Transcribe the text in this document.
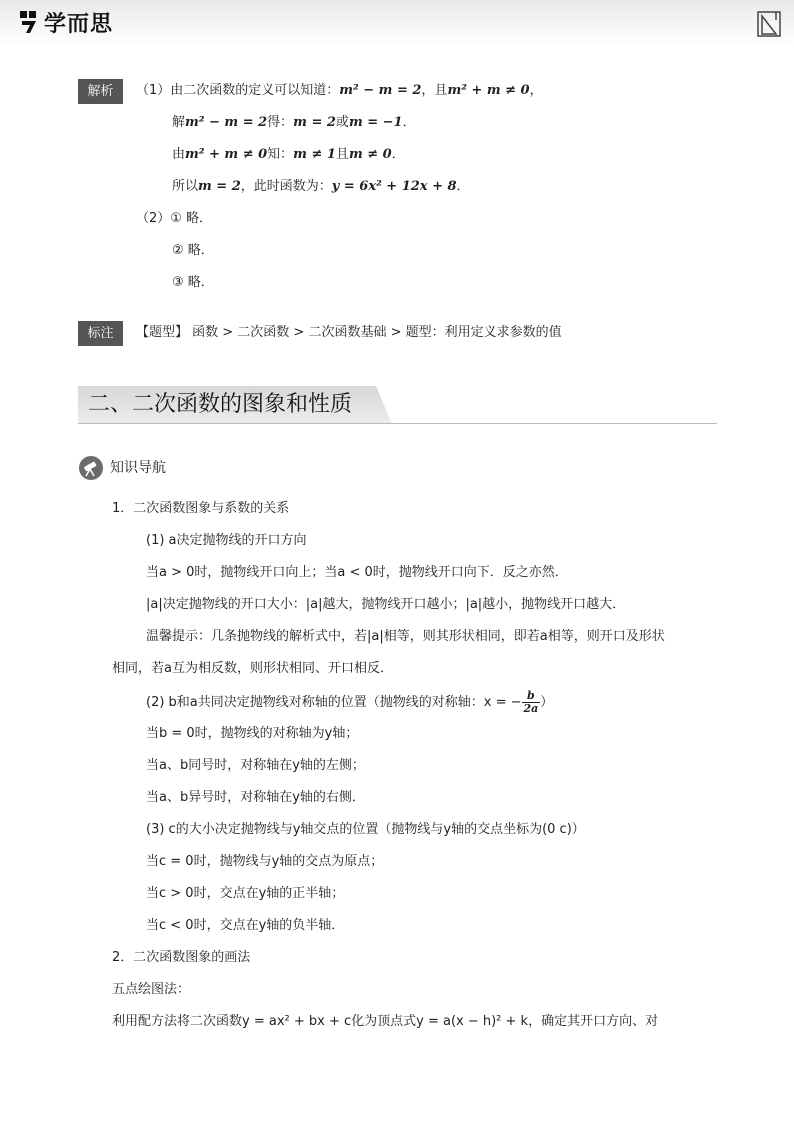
学而思
解析	（1）由二次函数的定义可以知道：m² − m = 2，且m² + m ≠ 0，
解m² − m = 2得：m = 2或m = −1．
由m² + m ≠ 0知：m ≠ 1且m ≠ 0．
所以m = 2，此时函数为：y = 6x² + 12x + 8．
（2）① 略．
② 略．
③ 略．
标注	【题型】 函数 > 二次函数 > 二次函数基础 > 题型：利用定义求参数的值
二、二次函数的图象和性质
知识导航
1．二次函数图象与系数的关系
(1) a决定抛物线的开口方向
当a > 0时，抛物线开口向上；当a < 0时，抛物线开口向下．反之亦然．
|a|决定抛物线的开口大小：|a|越大，抛物线开口越小；|a|越小，抛物线开口越大．
温馨提示：几条抛物线的解析式中，若|a|相等，则其形状相同，即若a相等，则开口及形状
相同，若a互为相反数，则形状相同、开口相反．
(2) b和a共同决定抛物线对称轴的位置（抛物线的对称轴：x = − $\frac{b}{2a}$ ）
当b = 0时，抛物线的对称轴为y轴；
当a、b同号时，对称轴在y轴的左侧；
当a、b异号时，对称轴在y轴的右侧．
(3) c的大小决定抛物线与y轴交点的位置（抛物线与y轴的交点坐标为(0 c)）
当c = 0时，抛物线与y轴的交点为原点；
当c > 0时，交点在y轴的正半轴；
当c < 0时，交点在y轴的负半轴．
2．二次函数图象的画法
五点绘图法：
利用配方法将二次函数y = ax² + bx + c化为顶点式y = a(x − h)² + k，确定其开口方向、对
